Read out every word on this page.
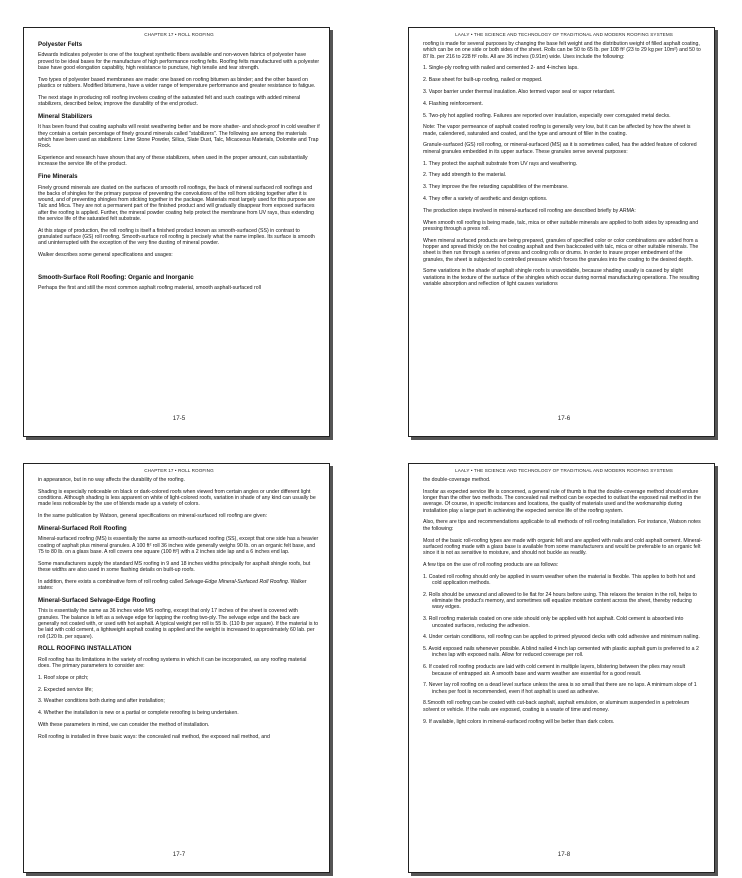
CHAPTER 17 • ROLL ROOFING
Polyester Felts
Edwards indicates polyester is one of the toughest synthetic fibers available and non-woven fabrics of polyester have proved to be ideal bases for the manufacture of high performance roofing felts. Roofing felts manufactured with a polyester base have good elongation capability, high resistance to puncture, high tensile and tear strength.
Two types of polyester based membranes are made: one based on roofing bitumen as binder; and the other based on plastics or rubbers. Modified bitumens, have a wider range of temperature performance and greater resistance to fatigue.
The next stage in producing roll roofing involves coating of the saturated felt and such coatings with added mineral stabilizers, described below, improve the durability of the end product.
Mineral Stabilizers
It has been found that coating asphalts will resist weathering better and be more shatter- and shock-proof in cold weather if they contain a certain percentage of finely ground minerals called "stabilizers". The following are among the materials which have been used as stabilizers: Lime Stone Powder, Silica, Slate Dust, Talc, Micaceous Materials, Dolomite and Trap Rock.
Experience and research have shown that any of these stabilizers, when used in the proper amount, can substantially increase the service life of the product.
Fine Minerals
Finely ground minerals are dusted on the surfaces of smooth roll roofings, the back of mineral surfaced roll roofings and the backs of shingles for the primary purpose of preventing the convolutions of the roll from sticking together after it is wound, and of preventing shingles from sticking together in the package. Materials most largely used for this purpose are Talc and Mica. They are not a permanent part of the finished product and will gradually disappear from exposed surfaces after the roofing is applied. Further, the mineral powder coating help protect the membrane from UV rays, thus extending the service life of the saturated felt substrate.
At this stage of production, the roll roofing is itself a finished product known as smooth-surfaced (SS) in contrast to granulated surface (GS) roll roofing. Smooth-surface roll roofing is precisely what the name implies. Its surface is smooth and uninterrupted with the exception of the very fine dusting of mineral powder.
Walker describes some general specifications and usages:
Smooth-Surface Roll Roofing: Organic and Inorganic
Perhaps the first and still the most common asphalt roofing material, smooth asphalt-surfaced roll
17-5
LAALY • THE SCIENCE AND TECHNOLOGY OF TRADITIONAL AND MODERN ROOFING SYSTEMS
roofing is made for several purposes by changing the base felt weight and the distribution weight of filled asphalt coating, which can be on one side or both sides of the sheet. Rolls can be 50 to 65 lb. per 108 ft² (23 to 29 kg per 10m²) and 50 to 87 lb. per 216 to 228 ft² rolls. All are 36 inches (0.91m) wide. Uses include the following:
1. Single-ply roofing with nailed and cemented 2- and 4-inches laps.
2. Base sheet for built-up roofing, nailed or mopped.
3. Vapor barrier under thermal insulation. Also termed vapor seal or vapor retardant.
4. Flashing reinforcement.
5. Two-ply hot applied roofing. Failures are reported over insulation, especially over corrugated metal decks.
Note: The vapor permeance of asphalt coated roofing is generally very low, but it can be affected by how the sheet is made, calendered, saturated and coated, and the type and amount of filler in the coating.
Granule-surfaced (GS) roll roofing, or mineral-surfaced (MS) as it is sometimes called, has the added feature of colored mineral granules embedded in its upper surface. These granules serve several purposes:
1. They protect the asphalt substrate from UV rays and weathering.
2. They add strength to the material.
3. They improve the fire retarding capabilities of the membrane.
4. They offer a variety of aesthetic and design options.
The production steps involved in mineral-surfaced roll roofing are described briefly by ARMA:
When smooth roll roofing is being made, talc, mica or other suitable minerals are applied to both sides by spreading and pressing through a press roll.
When mineral surfaced products are being prepared, granules of specified color or color combinations are added from a hopper and spread thickly on the hot coating asphalt and then backcoated with talc, mica or other suitable minerals. The sheet is then run through a series of press and cooling rolls or drums. In order to insure proper embedment of the granules, the sheet is subjected to controlled pressure which forces the granules into the coating to the desired depth.
Some variations in the shade of asphalt shingle roofs is unavoidable, because shading usually is caused by slight variations in the texture of the surface of the shingles which occur during normal manufacturing operations. The resulting variable absorption and reflection of light causes variations
17-6
CHAPTER 17 • ROLL ROOFING
in appearance, but in no way affects the durability of the roofing.
Shading is especially noticeable on black or dark-colored roofs when viewed from certain angles or under different light conditions. Although shading is less apparent on white of light-colored roofs, variation in shade of any kind can usually be made less noticeable by the use of blends made up a variety of colors.
In the same publication by Watson, general specifications on mineral-surfaced roll roofing are given:
Mineral-Surfaced Roll Roofing
Mineral-surfaced roofing (MS) is essentially the same as smooth-surfaced roofing (SS), except that one side has a heavier coating of asphalt plus mineral granules. A 100 ft² roll 36 inches wide generally weighs 90 lb. on an organic felt base, and 75 to 80 lb. on a glass base. A roll covers one square (100 ft²) with a 2 inches side lap and a 6 inches end lap.
Some manufacturers supply the standard MS roofing in 9 and 18 inches widths principally for asphalt shingle roofs, but these widths are also used in some flashing details on built-up roofs.
In addition, there exists a combinative form of roll roofing called Selvage-Edge Mineral-Surfaced Roll Roofing. Walker states:
Mineral-Surfaced Selvage-Edge Roofing
This is essentially the same as 36 inches wide MS roofing, except that only 17 inches of the sheet is covered with granules. The balance is left as a selvage edge for lapping the roofing two-ply. The selvage edge and the back are generally not coated with, or used with hot asphalt. A typical weight per roll is 55 lb. (110 lb per square). If the material is to be laid with cold cement, a lightweight asphalt coating is applied and the weight is increased to approximately 60 lab. per roll (120 lb. per square).
ROLL ROOFING INSTALLATION
Roll roofing has its limitations in the variety of roofing systems in which it can be incorporated, as any roofing material does. The primary parameters to consider are:
1. Roof slope or pitch;
2. Expected service life;
3. Weather conditions both during and after installation;
4. Whether the installation is new or a partial or complete reroofing is being undertaken.
With these parameters in mind, we can consider the method of installation.
Roll roofing is installed in three basic ways: the concealed nail method, the exposed nail method, and
17-7
LAALY • THE SCIENCE AND TECHNOLOGY OF TRADITIONAL AND MODERN ROOFING SYSTEMS
the double-coverage method.
Insofar as expected service life is concerned, a general rule of thumb is that the double-coverage method should endure longer than the other two methods. The concealed nail method can be expected to outlast the exposed nail method in the average. Of course, in specific instances and locations, the quality of materials used and the workmanship during installation play a large part in achieving the expected service life of the roofing system.
Also, there are tips and recommendations applicable to all methods of roll roofing installation. For instance, Watson notes the following:
Most of the basic roll-roofing types are made with organic felt and are applied with nails and cold asphalt cement. Mineral-surfaced roofing made with a glass base is available from some manufacturers and would be preferable to an organic felt since it is not as sensitive to moisture, and should not buckle as readily.
A few tips on the use of roll roofing products are as follows:
1. Coated roll roofing should only be applied in warm weather when the material is flexible. This applies to both hot and cold application methods.
2. Rolls should be unwound and allowed to lie flat for 24 hours before using. This relaxes the tension in the roll, helps to eliminate the product's memory, and sometimes will equalize moisture content across the sheet, thereby reducing wavy edges.
3. Roll roofing materials coated on one side should only be applied with hot asphalt. Cold cement is absorbed into uncoated surfaces, reducing the adhesion.
4. Under certain conditions, roll roofing can be applied to primed plywood decks with cold adhesive and minimum nailing.
5. Avoid exposed nails whenever possible. A blind nailed 4 inch lap cemented with plastic asphalt gum is preferred to a 2 inches lap with exposed nails. Allow for reduced coverage per roll.
6. If coated roll roofing products are laid with cold cement in multiple layers, blistering between the plies may result because of entrapped air. A smooth base and warm weather are essential for a good result.
7. Never lay roll roofing on a dead level surface unless the area is so small that there are no laps. A minimum slope of 1 inches per foot is recommended, even if hot asphalt is used as adhesive.
8.Smooth roll roofing can be coated with cut-back asphalt, asphalt emulsion, or aluminum suspended in a petroleum solvent or vehicle. If the nails are exposed, coating is a waste of time and money.
9. If available, light colors in mineral-surfaced roofing will be better than dark colors.
17-8
